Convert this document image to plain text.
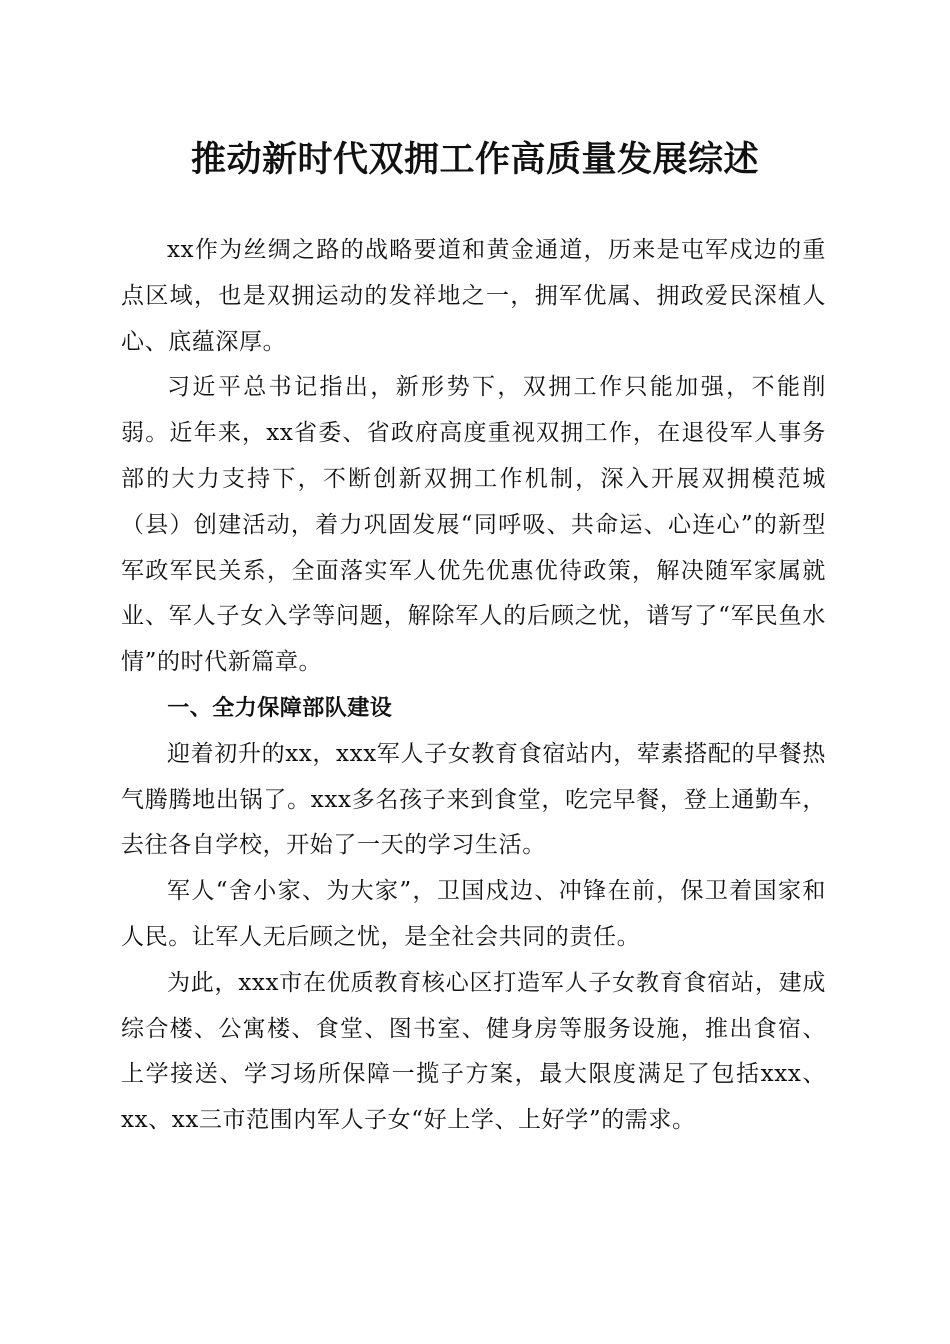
推动新时代双拥工作高质量发展综述

xx作为丝绸之路的战略要道和黄金通道，历来是屯军戍边的重点区域，也是双拥运动的发祥地之一，拥军优属、拥政爱民深植人心、底蕴深厚。

习近平总书记指出，新形势下，双拥工作只能加强，不能削弱。近年来，xx省委、省政府高度重视双拥工作，在退役军人事务部的大力支持下，不断创新双拥工作机制，深入开展双拥模范城（县）创建活动，着力巩固发展“同呼吸、共命运、心连心”的新型军政军民关系，全面落实军人优先优惠优待政策，解决随军家属就业、军人子女入学等问题，解除军人的后顾之忧，谱写了“军民鱼水情”的时代新篇章。

一、全力保障部队建设

迎着初升的xx，xxx军人子女教育食宿站内，荤素搭配的早餐热气腾腾地出锅了。xxx多名孩子来到食堂，吃完早餐，登上通勤车，去往各自学校，开始了一天的学习生活。

军人“舍小家、为大家”，卫国戍边、冲锋在前，保卫着国家和人民。让军人无后顾之忧，是全社会共同的责任。

为此，xxx市在优质教育核心区打造军人子女教育食宿站，建成综合楼、公寓楼、食堂、图书室、健身房等服务设施，推出食宿、上学接送、学习场所保障一揽子方案，最大限度满足了包括xxx、xx、xx三市范围内军人子女“好上学、上好学”的需求。
